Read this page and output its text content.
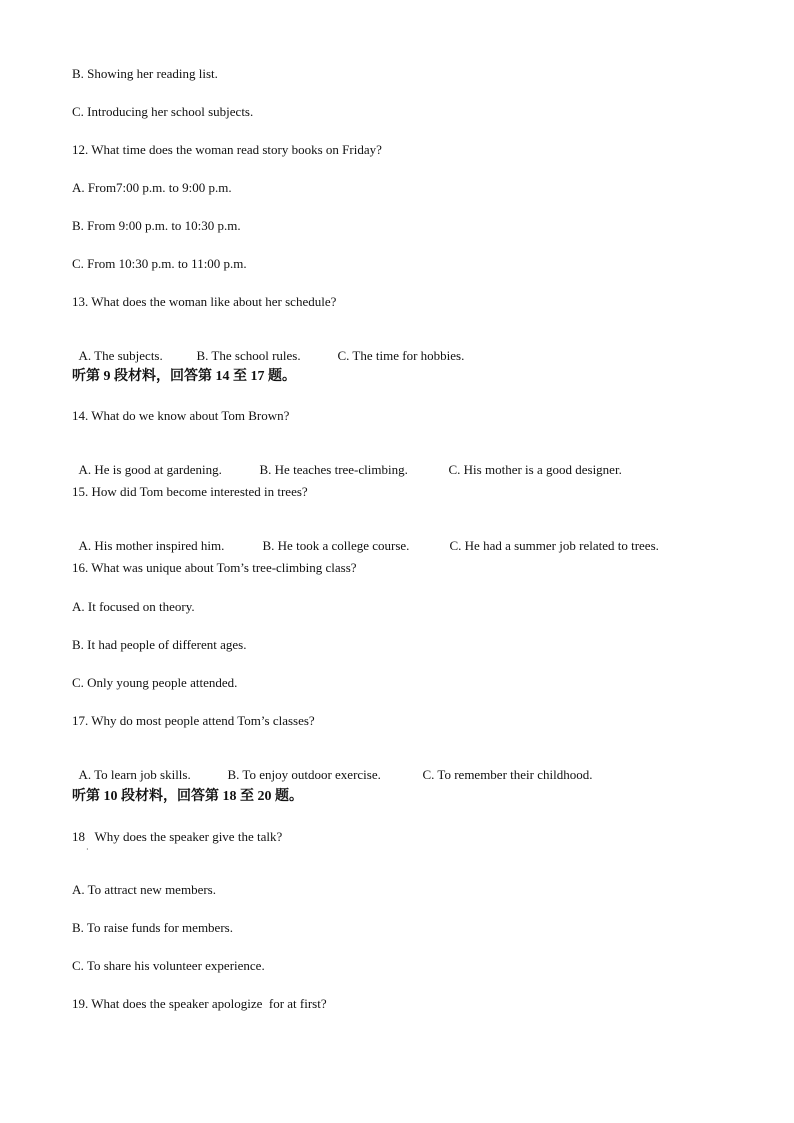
B. Showing her reading list.
C. Introducing her school subjects.
12. What time does the woman read story books on Friday?
A. From7:00 p.m. to 9:00 p.m.
B. From 9:00 p.m. to 10:30 p.m.
C. From 10:30 p.m. to 11:00 p.m.
13. What does the woman like about her schedule?

A. The subjects.	B. The school rules.	C. The time for hobbies.

听第 9 段材料，回答第 14 至 17 题。
14. What do we know about Tom Brown?

A. He is good at gardening.	B. He teaches tree-climbing.	C. His mother is a good designer.

15. How did Tom become interested in trees?

A. His mother inspired him.	B. He took a college course.	C. He had a summer job related to trees.

16. What was unique about Tom’s tree-climbing class?
A. It focused on theory.
B. It had people of different ages.
C. Only young people attended.
17. Why do most people attend Tom’s classes?

A. To learn job skills.	B. To enjoy outdoor exercise.	C. To remember their childhood.

听第 10 段材料，回答第 18 至 20 题。
18   Why does the speaker give the talk?
·
A. To attract new members.
B. To raise funds for members.
C. To share his volunteer experience.
19. What does the speaker apologize  for at first?
